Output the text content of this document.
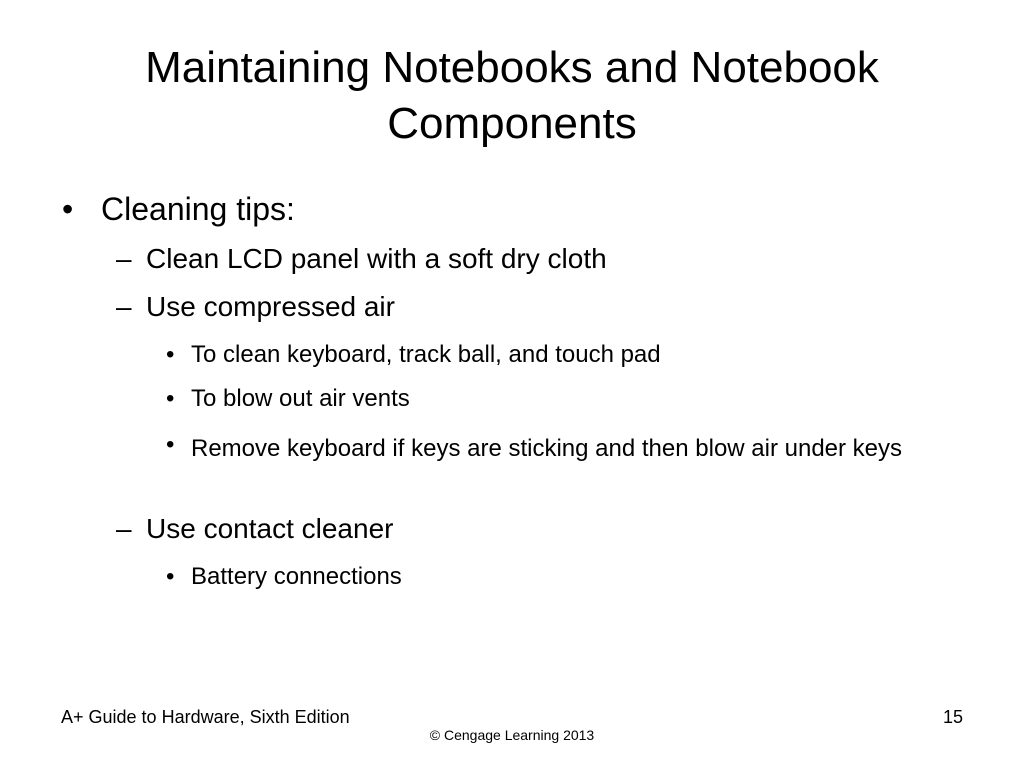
Maintaining Notebooks and Notebook Components
• Cleaning tips:
– Clean LCD panel with a soft dry cloth
– Use compressed air
• To clean keyboard, track ball, and touch pad
• To blow out air vents
• Remove keyboard if keys are sticking and then blow air under keys
– Use contact cleaner
• Battery connections
A+ Guide to Hardware, Sixth Edition	15
© Cengage Learning 2013
